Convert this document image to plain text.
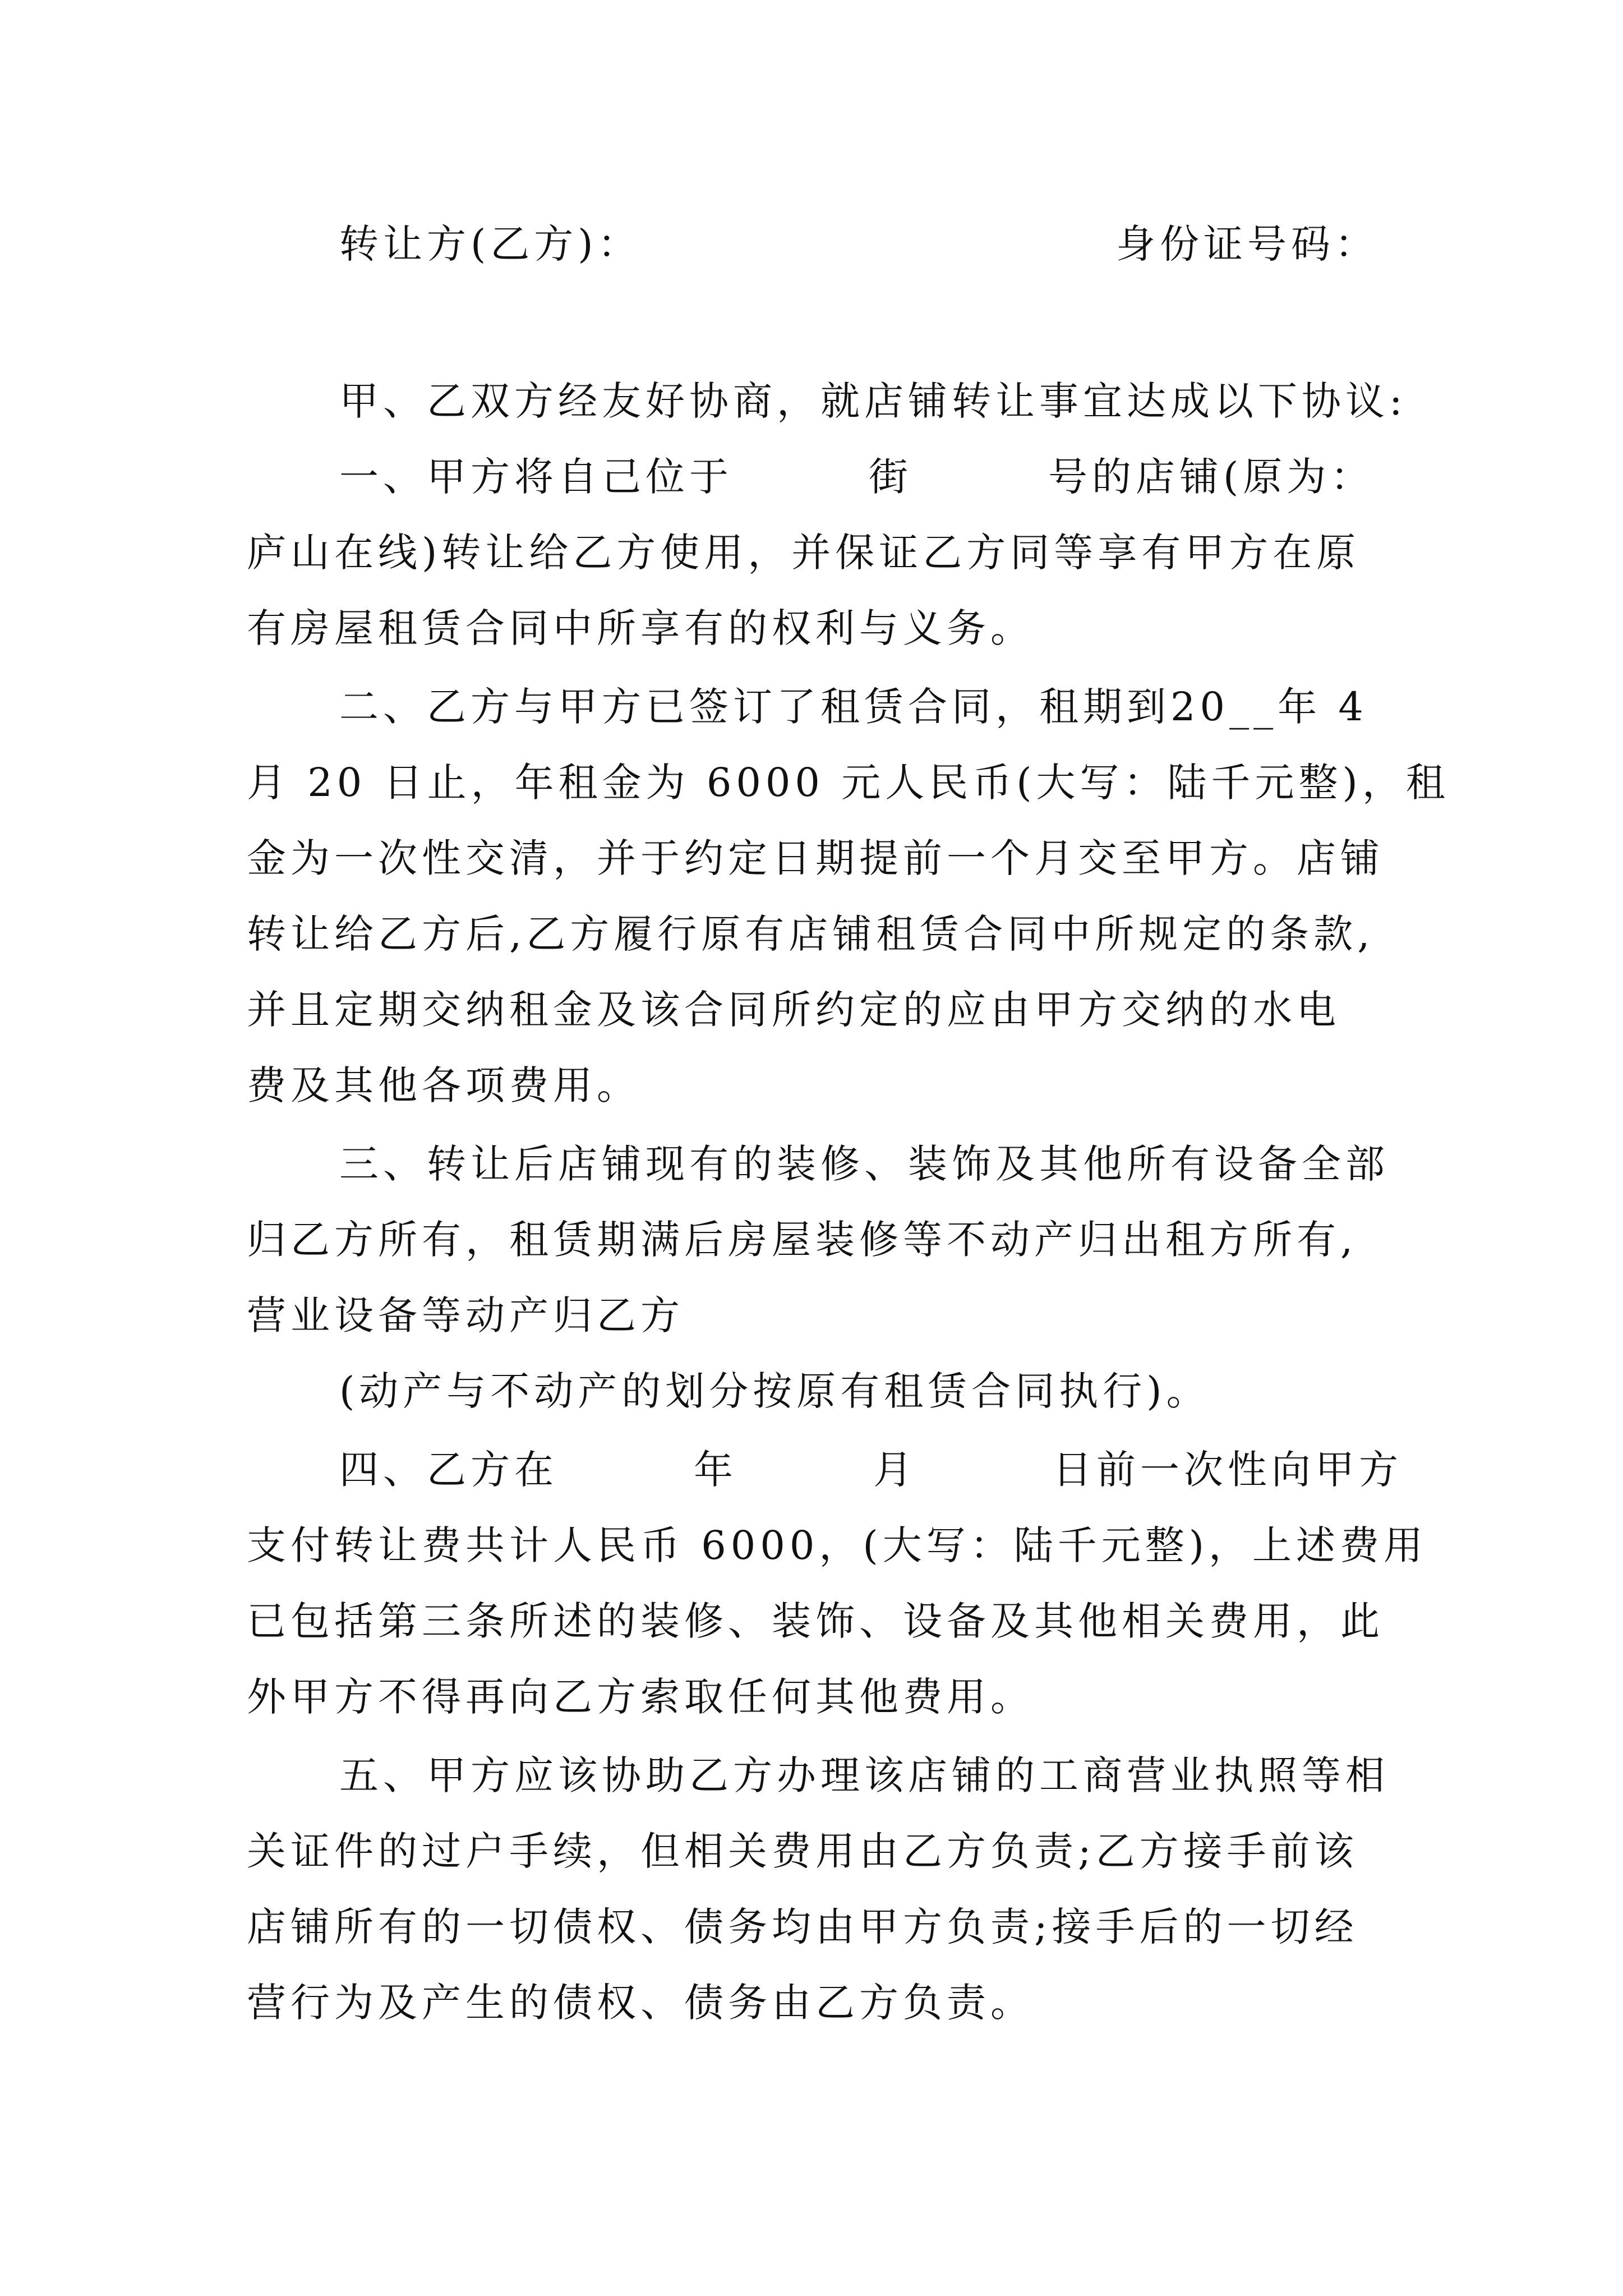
转让方(乙方)：	身份证号码：
甲、乙双方经友好协商，就店铺转让事宜达成以下协议:
一、甲方将自己位于        街        号的店铺(原为：
庐山在线)转让给乙方使用，并保证乙方同等享有甲方在原
有房屋租赁合同中所享有的权利与义务。
二、乙方与甲方已签订了租赁合同，租期到20__年 4
月 20 日止，年租金为 6000 元人民币(大写：陆千元整)，租
金为一次性交清，并于约定日期提前一个月交至甲方。店铺
转让给乙方后,乙方履行原有店铺租赁合同中所规定的条款,
并且定期交纳租金及该合同所约定的应由甲方交纳的水电
费及其他各项费用。
三、转让后店铺现有的装修、装饰及其他所有设备全部
归乙方所有，租赁期满后房屋装修等不动产归出租方所有,
营业设备等动产归乙方
(动产与不动产的划分按原有租赁合同执行)。
四、乙方在        年        月        日前一次性向甲方
支付转让费共计人民币 6000，(大写：陆千元整)，上述费用
已包括第三条所述的装修、装饰、设备及其他相关费用，此
外甲方不得再向乙方索取任何其他费用。
五、甲方应该协助乙方办理该店铺的工商营业执照等相
关证件的过户手续，但相关费用由乙方负责;乙方接手前该
店铺所有的一切债权、债务均由甲方负责;接手后的一切经
营行为及产生的债权、债务由乙方负责。
